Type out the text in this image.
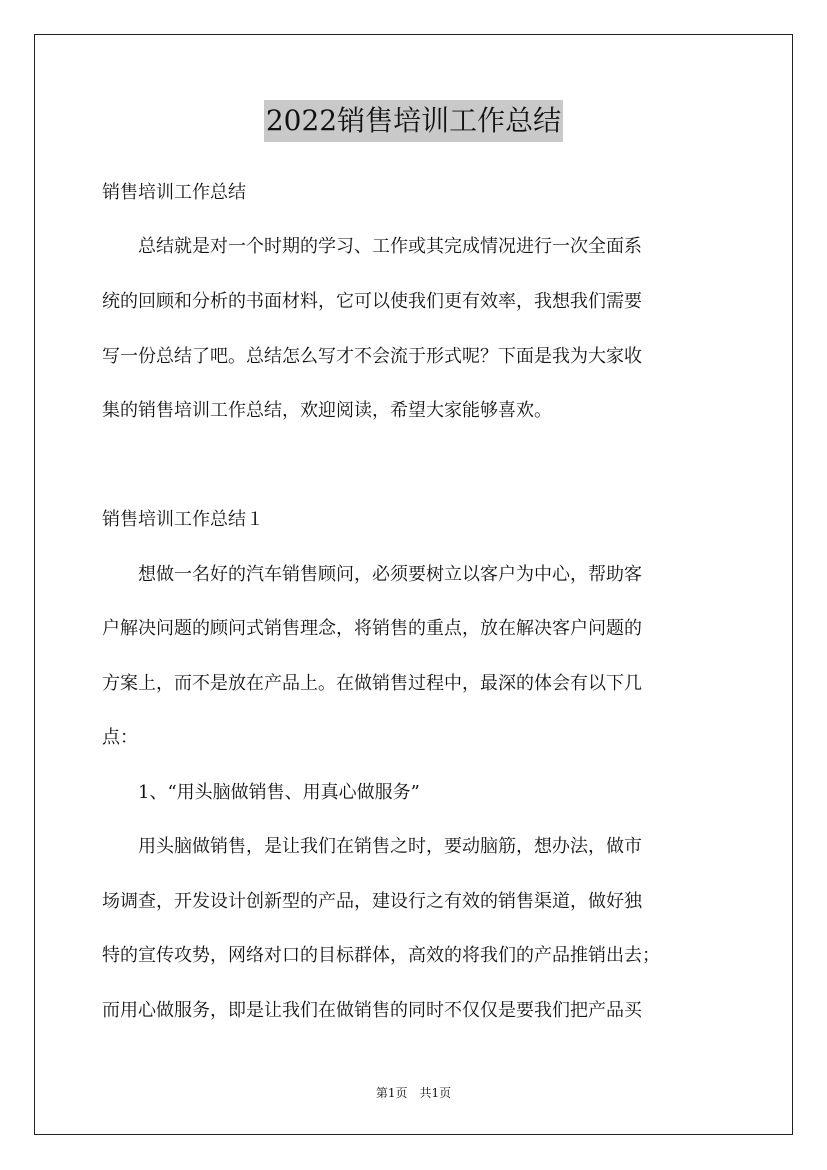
2022销售培训工作总结
销售培训工作总结
　　总结就是对一个时期的学习、工作或其完成情况进行一次全面系
统的回顾和分析的书面材料，它可以使我们更有效率，我想我们需要
写一份总结了吧。总结怎么写才不会流于形式呢？下面是我为大家收
集的销售培训工作总结，欢迎阅读，希望大家能够喜欢。
销售培训工作总结１
　　想做一名好的汽车销售顾问，必须要树立以客户为中心，帮助客
户解决问题的顾问式销售理念，将销售的重点，放在解决客户问题的
方案上，而不是放在产品上。在做销售过程中，最深的体会有以下几
点：
　　1、“用头脑做销售、用真心做服务”
　　用头脑做销售，是让我们在销售之时，要动脑筋，想办法，做市
场调查，开发设计创新型的产品，建设行之有效的销售渠道，做好独
特的宣传攻势，网络对口的目标群体，高效的将我们的产品推销出去；
而用心做服务，即是让我们在做销售的同时不仅仅是要我们把产品买
第1页　共1页
